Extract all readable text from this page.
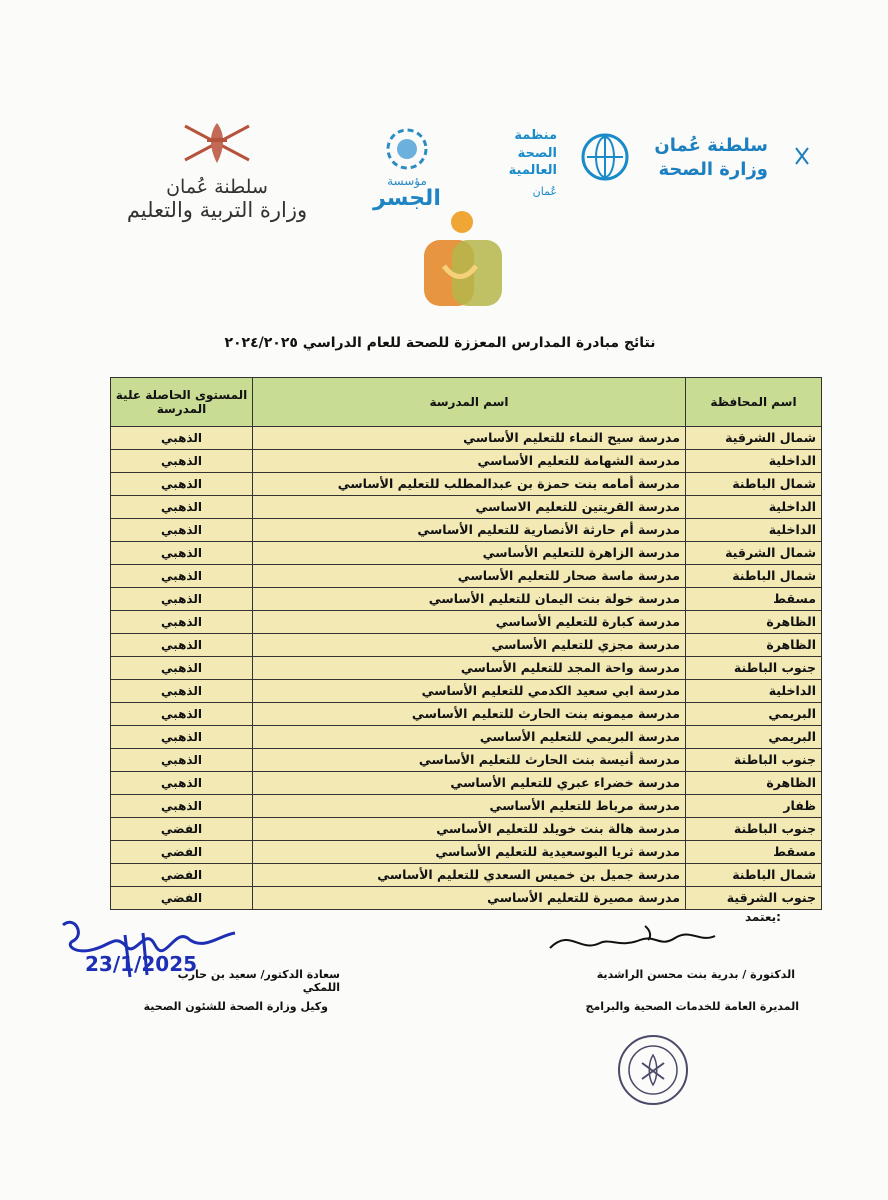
سلطنة عُمان
وزارة التربية والتعليم
مؤسسة
الجسر
منظمة
الصحة العالمية
عُمان
سلطنة عُمان
وزارة الصحة
نتائج مبادرة المدارس المعززة للصحة للعام الدراسي ٢٠٢٤/٢٠٢٥
اسم المحافظة	اسم المدرسة	المستوى الحاصلة علية المدرسة
شمال الشرقية	مدرسة سيح النماء للتعليم الأساسي	الذهبي
الداخلية	مدرسة الشهامة للتعليم الأساسي	الذهبي
شمال الباطنة	مدرسة أمامه بنت حمزة بن عبدالمطلب للتعليم الأساسي	الذهبي
الداخلية	مدرسة القريتين للتعليم الاساسي	الذهبي
الداخلية	مدرسة أم حارثة الأنصارية للتعليم الأساسي	الذهبي
شمال الشرقية	مدرسة الزاهرة للتعليم الأساسي	الذهبي
شمال الباطنة	مدرسة ماسة صحار للتعليم الأساسي	الذهبي
مسقط	مدرسة خولة بنت اليمان للتعليم الأساسي	الذهبي
الظاهرة	مدرسة كبارة للتعليم الأساسي	الذهبي
الظاهرة	مدرسة مجزي للتعليم الأساسي	الذهبي
جنوب الباطنة	مدرسة واحة المجد للتعليم الأساسي	الذهبي
الداخلية	مدرسة ابي سعيد الكدمي للتعليم الأساسي	الذهبي
البريمي	مدرسة ميمونه بنت الحارث للتعليم الأساسي	الذهبي
البريمي	مدرسة البريمي للتعليم الأساسي	الذهبي
جنوب الباطنة	مدرسة أنيسة بنت الحارث للتعليم الأساسي	الذهبي
الظاهرة	مدرسة خضراء عبري للتعليم الأساسي	الذهبي
ظفار	مدرسة مرباط للتعليم الأساسي	الذهبي
جنوب الباطنة	مدرسة هالة بنت خويلد للتعليم الأساسي	الفضي
مسقط	مدرسة ثريا البوسعيدية للتعليم الأساسي	الفضي
شمال الباطنة	مدرسة جميل بن خميس السعدي للتعليم الأساسي	الفضي
جنوب الشرقية	مدرسة مصيرة للتعليم الأساسي	الفضي
يعتمد:
23/1/2025
سعادة الدكتور/ سعيد بن حارب اللمكي
وكيل وزارة الصحة للشئون الصحية
الدكتورة / بدرية بنت محسن الراشدية
المديرة العامة للخدمات الصحية والبرامج
